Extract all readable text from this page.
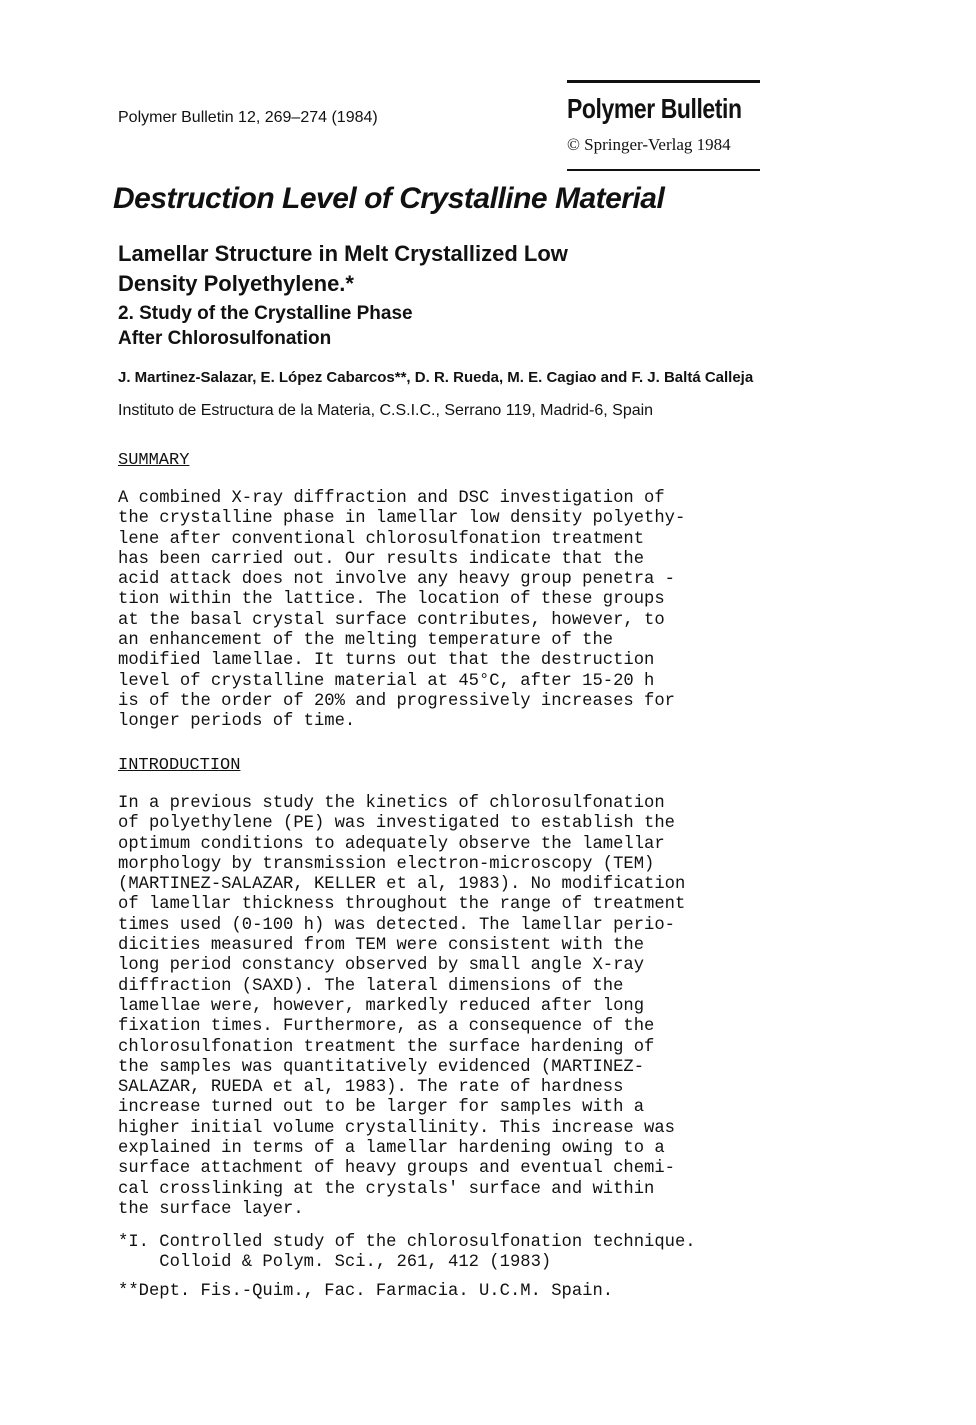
Polymer Bulletin 12, 269–274 (1984)	Polymer Bulletin
© Springer-Verlag 1984
Destruction Level of Crystalline Material
Lamellar Structure in Melt Crystallized Low
Density Polyethylene.*
2. Study of the Crystalline Phase
After Chlorosulfonation
J. Martinez-Salazar, E. López Cabarcos**, D. R. Rueda, M. E. Cagiao and F. J. Baltá Calleja
Instituto de Estructura de la Materia, C.S.I.C., Serrano 119, Madrid-6, Spain
SUMMARY
A combined X-ray diffraction and DSC investigation of
the crystalline phase in lamellar low density polyethy-
lene after conventional chlorosulfonation treatment
has been carried out. Our results indicate that the
acid attack does not involve any heavy group penetra -
tion within the lattice. The location of these groups
at the basal crystal surface contributes, however, to
an enhancement of the melting temperature of the
modified lamellae. It turns out that the destruction
level of crystalline material at 45°C, after 15-20 h
is of the order of 20% and progressively increases for
longer periods of time.
INTRODUCTION
In a previous study the kinetics of chlorosulfonation
of polyethylene (PE) was investigated to establish the
optimum conditions to adequately observe the lamellar
morphology by transmission electron-microscopy (TEM)
(MARTINEZ-SALAZAR, KELLER et al, 1983). No modification
of lamellar thickness throughout the range of treatment
times used (0-100 h) was detected. The lamellar perio-
dicities measured from TEM were consistent with the
long period constancy observed by small angle X-ray
diffraction (SAXD). The lateral dimensions of the
lamellae were, however, markedly reduced after long
fixation times. Furthermore, as a consequence of the
chlorosulfonation treatment the surface hardening of
the samples was quantitatively evidenced (MARTINEZ-
SALAZAR, RUEDA et al, 1983). The rate of hardness
increase turned out to be larger for samples with a
higher initial volume crystallinity. This increase was
explained in terms of a lamellar hardening owing to a
surface attachment of heavy groups and eventual chemi-
cal crosslinking at the crystals' surface and within
the surface layer.
*I. Controlled study of the chlorosulfonation technique.
Colloid & Polym. Sci., 261, 412 (1983)
**Dept. Fis.-Quim., Fac. Farmacia. U.C.M. Spain.
